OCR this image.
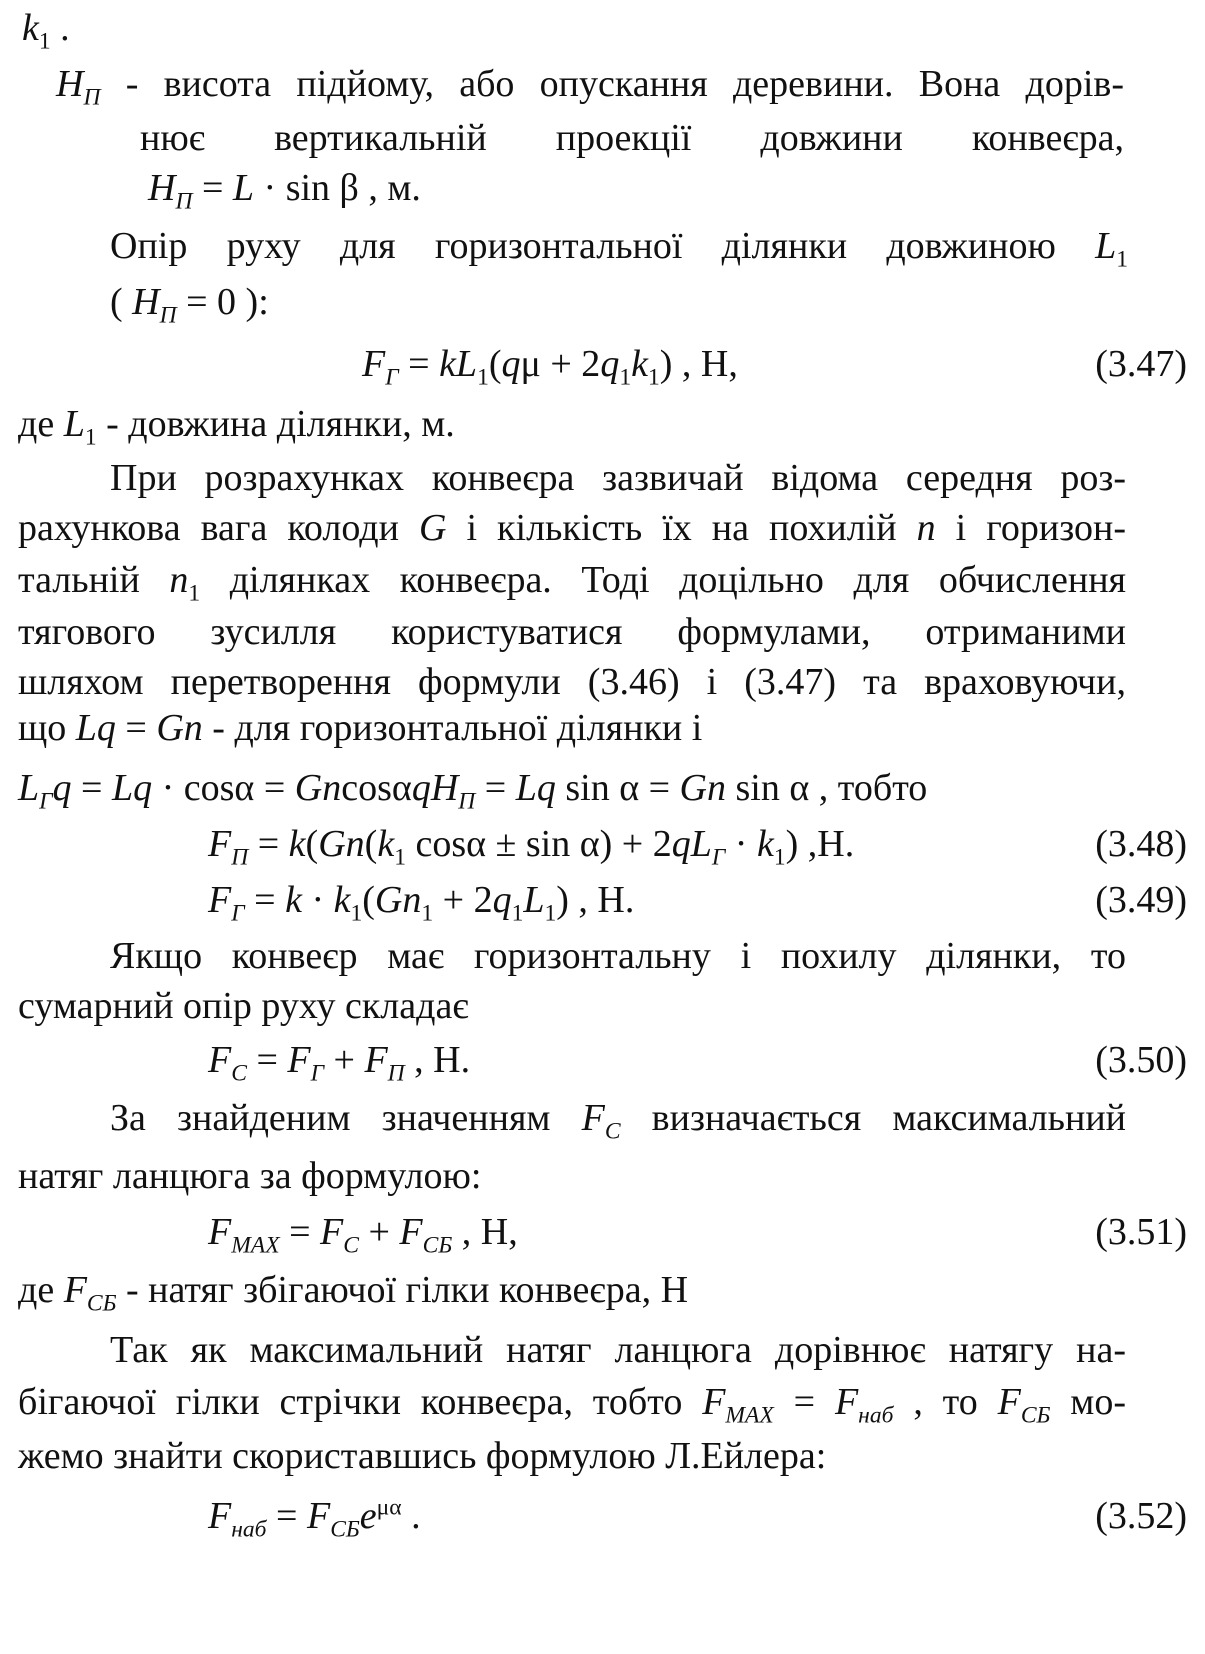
$k_1$ .
$H_П$ - висота підйому, або опускання деревини. Вона дорів-
нює вертикальній проекції довжини конвеєра,
$H_П = L \cdot \sin \beta$ , м.
Опір руху для горизонтальної ділянки довжиною $L_1$
( $H_П = 0$ ):
$F_Г = kL_1(q\mu + 2q_1k_1)$ , Н,	(3.47)
де $L_1$ - довжина ділянки, м.
При розрахунках конвеєра зазвичай відома середня роз-
рахункова вага колоди G і кількість їх на похилій n і горизон-
тальній $n_1$ ділянках конвеєра. Тоді доцільно для обчислення
тягового зусилля користуватися формулами, отриманими
шляхом перетворення формули (3.46) і (3.47) та враховуючи,
що Lq = Gn - для горизонтальної ділянки і
$L_Гq = Lq \cdot \cos\alpha = Gncos\alpha qH_П = Lq$ sin α = Gn sin α , тобто
$F_П = k(Gn(k_1$ $\cos\alpha \pm \sin \alpha) + 2qL_Г \cdot k_1$) ,Н.	(3.48)
$F_Г = k \cdot k_1(Gn_1 + 2q_1L_1)$ , Н.	(3.49)
Якщо конвеєр має горизонтальну і похилу ділянки, то
сумарний опір руху складає
$F_С = F_Г + F_П$ , Н.	(3.50)
За знайденим значенням $F_С$ визначається максимальний
натяг ланцюга за формулою:
$F_{MAX} = F_С + F_{СБ}$ , Н,	(3.51)
де $F_{СБ}$ - натяг збігаючої гілки конвеєра, Н
Так як максимальний натяг ланцюга дорівнює натягу на-
бігаючої гілки стрічки конвеєра, тобто $F_{MAX} = F_{наб}$ , то $F_{СБ}$ мо-
жемо знайти скориставшись формулою Л.Ейлера:
$F_{наб} = F_{СБ}e^{\mu\alpha}$ .	(3.52)
